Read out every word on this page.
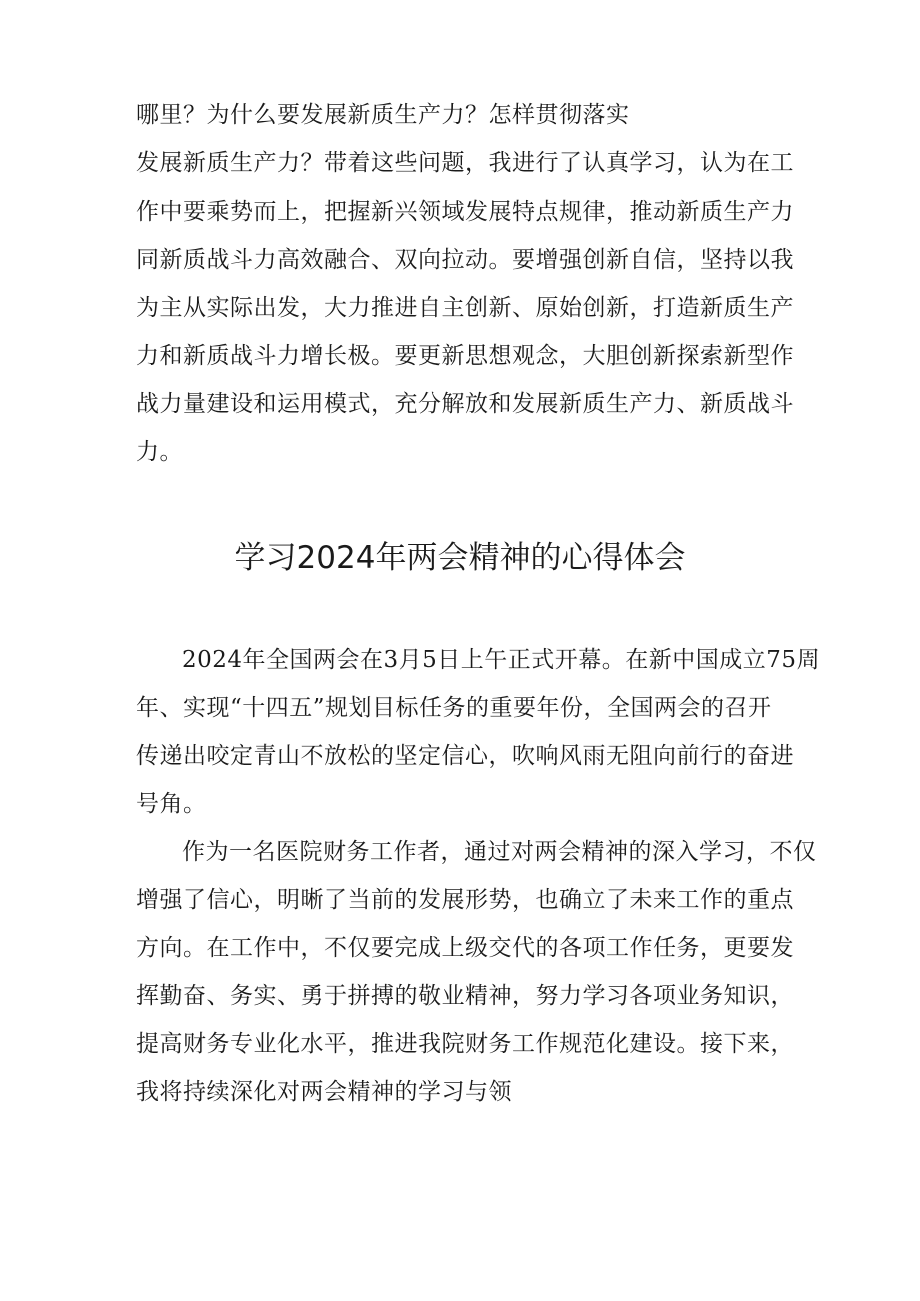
哪里？为什么要发展新质生产力？怎样贯彻落实
发展新质生产力？带着这些问题，我进行了认真学习，认为在工
作中要乘势而上，把握新兴领域发展特点规律，推动新质生产力
同新质战斗力高效融合、双向拉动。要增强创新自信，坚持以我
为主从实际出发，大力推进自主创新、原始创新，打造新质生产
力和新质战斗力增长极。要更新思想观念，大胆创新探索新型作
战力量建设和运用模式，充分解放和发展新质生产力、新质战斗
力。
学习2024年两会精神的心得体会
2024年全国两会在3月5日上午正式开幕。在新中国成立75周
年、实现“十四五”规划目标任务的重要年份，全国两会的召开
传递出咬定青山不放松的坚定信心，吹响风雨无阻向前行的奋进
号角。
作为一名医院财务工作者，通过对两会精神的深入学习，不仅
增强了信心，明晰了当前的发展形势，也确立了未来工作的重点
方向。在工作中，不仅要完成上级交代的各项工作任务，更要发
挥勤奋、务实、勇于拼搏的敬业精神，努力学习各项业务知识，
提高财务专业化水平，推进我院财务工作规范化建设。接下来，
我将持续深化对两会精神的学习与领
